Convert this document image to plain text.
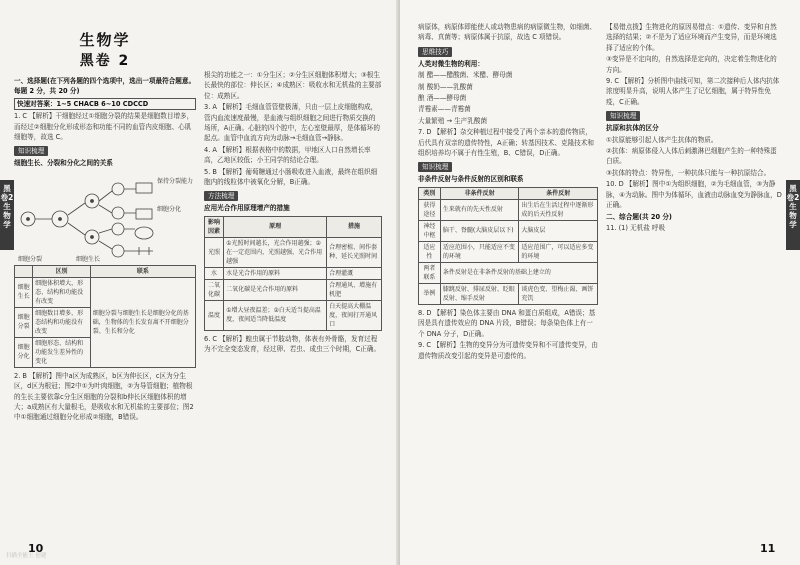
生物学
黑卷 2

一、选择题(在下列各题的四个选项中，选出一项最符合题意。每题 2 分，共 20 分)

快速对答案：1~5 CHACB 6~10 CDCCD

1. C 【解析】干细胞经过①细胞分裂的结果是细胞数目增多，而经过②细胞分化形成形态和功能不同的血管内皮细胞、心肌细胞等，故选 C。

知识梳理

细胞生长、分裂和分化之间的关系

保持分裂能力
细胞分化
细胞分裂	细胞生长
	区别	联系
细胞生长	细胞体积增大，形态、结构和功能没有改变	细胞分裂与细胞生长是细胞分化的基础，生物体的生长发育离不开细胞分裂、生长和分化
细胞分裂	细胞数目增多，形态结构和功能没有改变	
细胞分化	细胞形态、结构和功能发生差异性的变化	

2. B 【解析】图中a区为成熟区，b区为伸长区，c区为分生区，d区为根冠；图2中①为叶肉细胞，②为导管细胞；植物根的生长主要依靠c分生区细胞的分裂和b伸长区细胞体积的增大；a成熟区有大量根毛，是吸收水和无机盐的主要部位；图2中①细胞通过细胞分化形成②细胞，B错误。

根尖的功能之一：①分生区；②分生区细胞体积增大；③根生长最快的部位：伸长区；④成熟区：吸收水和无机盐的主要部位：成熟区。

3. A 【解析】毛细血管管壁极薄，只由一层上皮细胞构成，管内血流速度最慢，是血液与组织细胞之间进行物质交换的场所，A正确。心脏的四个腔中，左心室壁最厚，是体循环的起点。血管中血流方向为动脉→毛细血管→静脉。

4. A 【解析】根据表格中的数据，甲地区人口自然增长率高，乙地区较低；小王同学的结论合理。

5. B 【解析】葡萄糖通过小肠吸收进入血液，最终在组织细胞内的线粒体中被氧化分解，B正确。

方法梳理

应用光合作用原理增产的措施

影响因素	原理	措施
光照	①光照时间越长，光合作用越强；②在一定范围内，光照越强，光合作用越强	合理密植、间作套种、延长光照时间
水	水是光合作用的原料	合理灌溉
二氧化碳	二氧化碳是光合作用的原料	合理通风、增施有机肥
温度	①增大昼夜温差；②白天适当提高温度，夜间适当降低温度	白天提高大棚温度，夜间打开通风口

6. C 【解析】蝗虫属于节肢动物，体表有外骨骼，发育过程为不完全变态发育，经过卵、若虫、成虫三个时期，C正确。

黑卷2 生物学
10
扫描全能王 创建

病原体，病原体即能使人或动物患病的病原微生物，如细菌、病毒、真菌等；病原体属于抗原，故选 C 项错误。

思维技巧

人类对微生物的利用：

制 醋——醋酸菌、米醋、酵母菌

制 酸奶——乳酸菌

酿 酒——酵母菌

青霉素——青霉菌

大量繁殖 → 生产乳酸菌

7. D 【解析】杂交种植过程中接受了两个亲本的遗传物质，后代具有双亲的遗传特性，A正确；转基因技术、克隆技术和组织培养均不属于有性生殖，B、C错误，D正确。

知识梳理

非条件反射与条件反射的区别和联系

类别	非条件反射	条件反射
获得途径	生来就有的先天性反射	出生后在生活过程中逐渐形成的后天性反射
神经中枢	脑干、脊髓(大脑皮层以下)	大脑皮层
适应性	适应范围小，只能适应不变的环境	适应范围广，可以适应多变的环境
两者联系	条件反射是在非条件反射的基础上建立的	
举例	膝跳反射、排尿反射、眨眼反射、缩手反射	谈虎色变、望梅止渴、画饼充饥

8. D 【解析】染色体主要由 DNA 和蛋白质组成，A错误；基因是具有遗传效应的 DNA 片段，B错误；每条染色体上有一个 DNA 分子，D正确。

9. C 【解析】生物的变异分为可遗传变异和不可遗传变异，由遗传物质改变引起的变异是可遗传的。

【易错点拨】生物进化的原因易错点：①遗传、变异和自然选择的结果；②不是为了适应环境而产生变异，而是环境选择了适应的个体。

③变异是不定向的，自然选择是定向的，决定着生物进化的方向。

9. C 【解析】分析图中曲线可知，第二次接种后人体内抗体浓度明显升高，说明人体产生了记忆细胞，属于特异性免疫，C正确。

知识梳理

抗原和抗体的区分

①抗原能够引起人体产生抗体的物质。

②抗体：病原体侵入人体后刺激淋巴细胞产生的一种特殊蛋白质。

③抗体的特点：特异性，一种抗体只能与一种抗原结合。

10. D 【解析】图中①为组织细胞，②为毛细血管，③为静脉，④为动脉。图中为体循环，血液由动脉血变为静脉血，D正确。

二、综合题(共 20 分)

11. (1) 无机盐 呼吸

黑卷2 生物学
11
